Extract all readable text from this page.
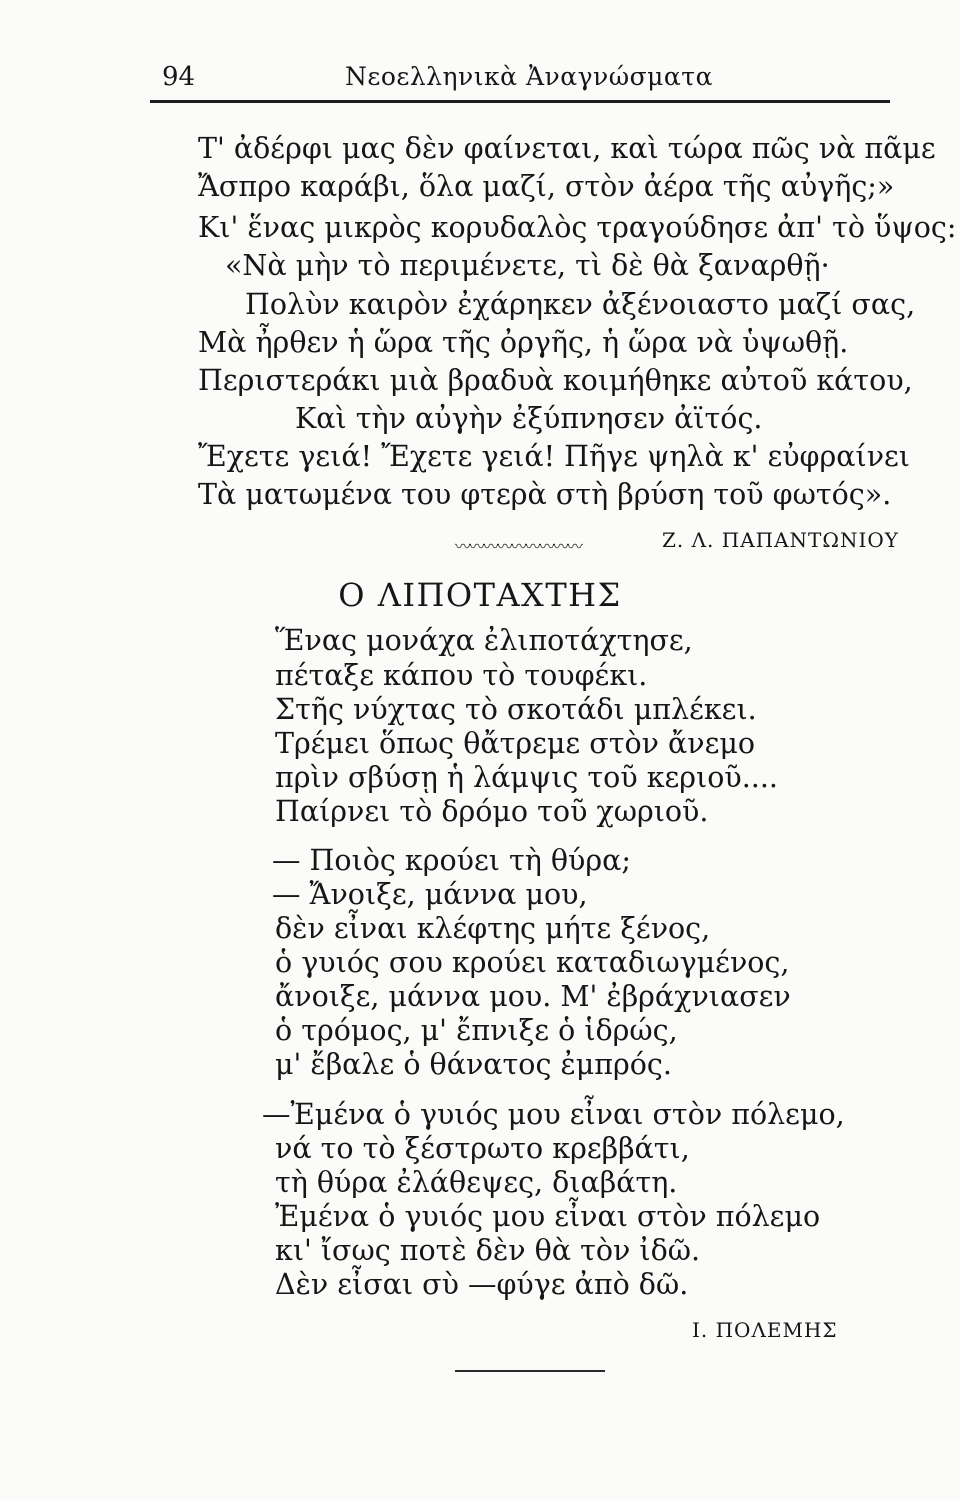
94	Νεοελληνικὰ Ἀναγνώσματα
Τ' ἀδέρφι μας δὲν φαίνεται, καὶ τώρα πῶς νὰ πᾶμε
Ἄσπρο καράβι, ὅλα μαζί, στὸν ἀέρα τῆς αὐγῆς;»
Κι' ἕνας μικρὸς κορυδαλὸς τραγούδησε ἀπ' τὸ ὕψος:
«Νὰ μὴν τὸ περιμένετε, τὶ δὲ θὰ ξαναρθῇ·
Πολὺν καιρὸν ἐχάρηκεν ἀξένοιαστο μαζί σας,
Μὰ ἦρθεν ἡ ὥρα τῆς ὀργῆς, ἡ ὥρα νὰ ὑψωθῇ.
Περιστεράκι μιὰ βραδυὰ κοιμήθηκε αὐτοῦ κάτου,
Καὶ τὴν αὐγὴν ἐξύπνησεν ἀϊτός.
Ἔχετε γειά! Ἔχετε γειά! Πῆγε ψηλὰ κ' εὐφραίνει
Τὰ ματωμένα του φτερὰ στὴ βρύση τοῦ φωτός».
Ζ. Λ. ΠΑΠΑΝΤΩΝΙΟΥ
〰〰〰〰〰〰〰〰〰
Ο ΛΙΠΟΤΑΧΤΗΣ
Ἕνας μονάχα ἐλιποτάχτησε,
πέταξε κάπου τὸ τουφέκι.
Στῆς νύχτας τὸ σκοτάδι μπλέκει.
Τρέμει ὅπως θἄτρεμε στὸν ἄνεμο
πρὶν σβύσῃ ἡ λάμψις τοῦ κεριοῦ....
Παίρνει τὸ δρόμο τοῦ χωριοῦ.
— Ποιὸς κρούει τὴ θύρα;
— Ἄνοιξε, μάννα μου,
δὲν εἶναι κλέφτης μήτε ξένος,
ὁ γυιός σου κρούει καταδιωγμένος,
ἄνοιξε, μάννα μου. Μ' ἐβράχνιασεν
ὁ τρόμος, μ' ἔπνιξε ὁ ἱδρώς,
μ' ἔβαλε ὁ θάνατος ἐμπρός.
—Ἐμένα ὁ γυιός μου εἶναι στὸν πόλεμο,
νά το τὸ ξέστρωτο κρεββάτι,
τὴ θύρα ἐλάθεψες, διαβάτη.
Ἐμένα ὁ γυιός μου εἶναι στὸν πόλεμο
κι' ἴσως ποτὲ δὲν θὰ τὸν ἰδῶ.
Δὲν εἶσαι σὺ —φύγε ἀπὸ δῶ.
Ι. ΠΟΛΕΜΗΣ
